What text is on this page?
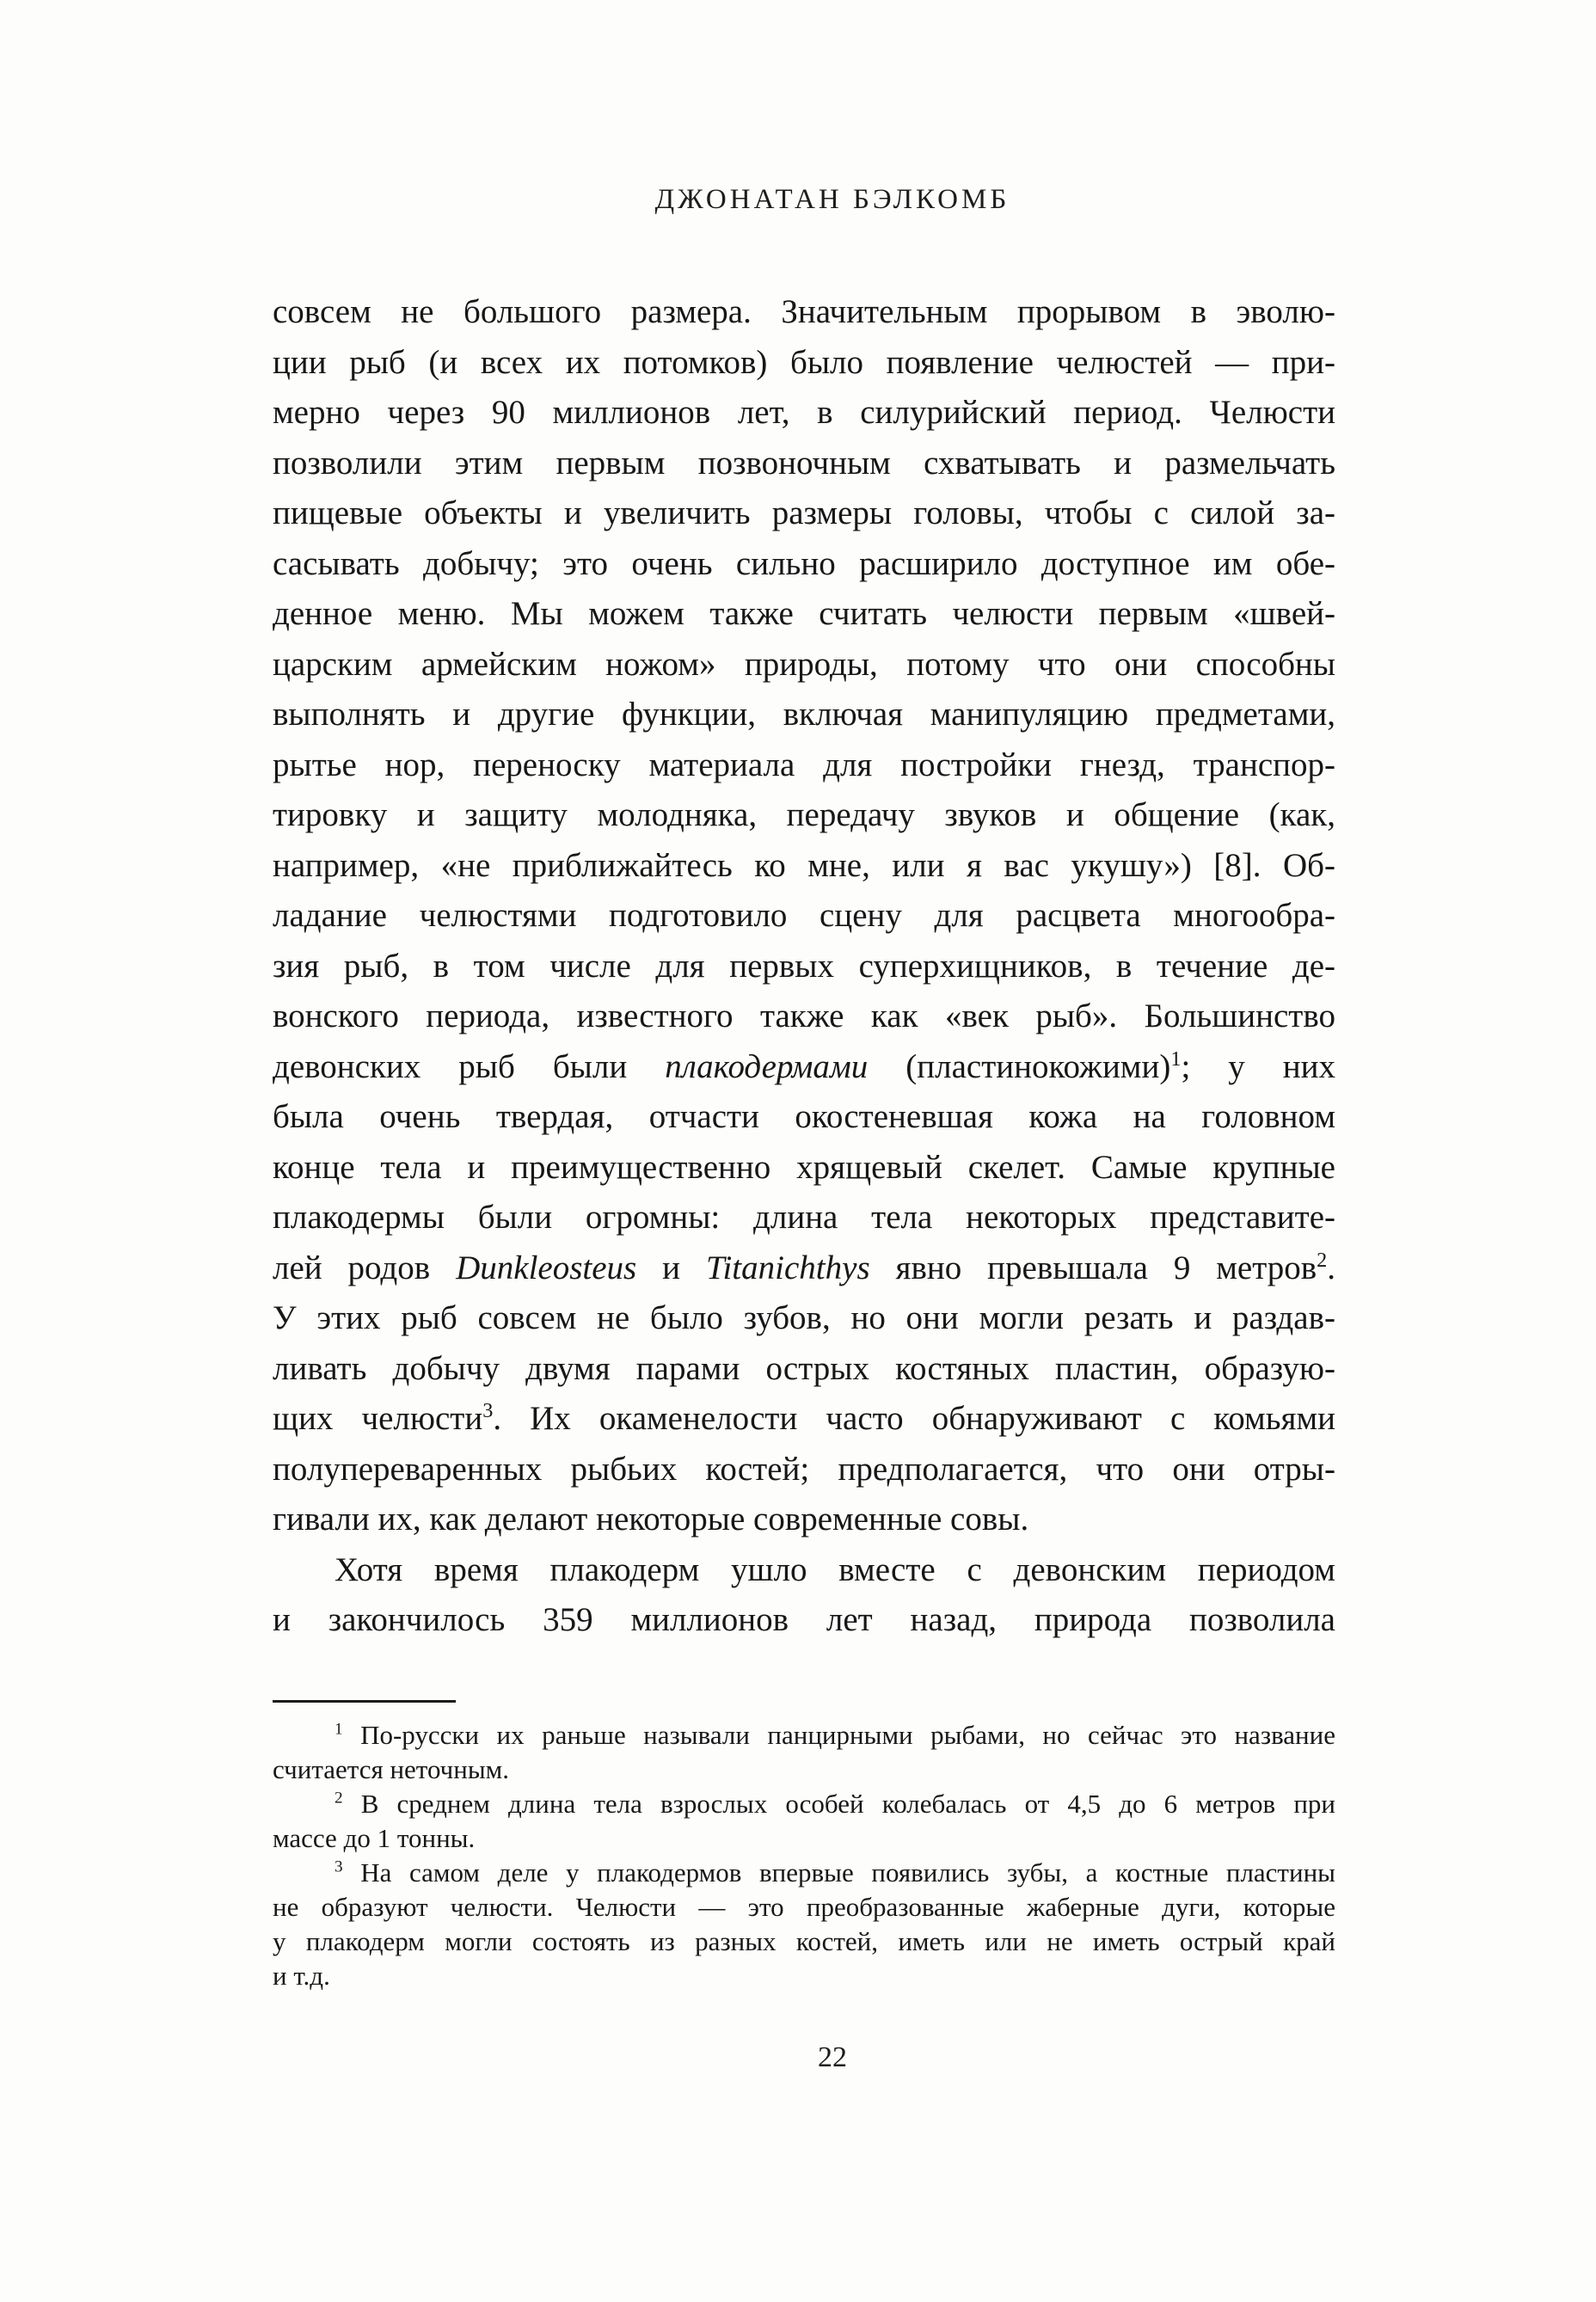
ДЖОНАТАН БЭЛКОМБ
совсем не большого размера. Значительным прорывом в эволю-
ции рыб (и всех их потомков) было появление челюстей — при-
мерно через 90 миллионов лет, в силурийский период. Челюсти
позволили этим первым позвоночным схватывать и размельчать
пищевые объекты и увеличить размеры головы, чтобы с силой за-
сасывать добычу; это очень сильно расширило доступное им обе-
денное меню. Мы можем также считать челюсти первым «швей-
царским армейским ножом» природы, потому что они способны
выполнять и другие функции, включая манипуляцию предметами,
рытье нор, переноску материала для постройки гнезд, транспор-
тировку и защиту молодняка, передачу звуков и общение (как,
например, «не приближайтесь ко мне, или я вас укушу») [8]. Об-
ладание челюстями подготовило сцену для расцвета многообра-
зия рыб, в том числе для первых суперхищников, в течение де-
вонского периода, известного также как «век рыб». Большинство
девонских рыб были плакодермами (пластинокожими)$^1$; у них
была очень твердая, отчасти окостеневшая кожа на головном
конце тела и преимущественно хрящевый скелет. Самые крупные
плакодермы были огромны: длина тела некоторых представите-
лей родов Dunkleosteus и Titanichthys явно превышала 9 метров$^2$.
У этих рыб совсем не было зубов, но они могли резать и раздав-
ливать добычу двумя парами острых костяных пластин, образую-
щих челюсти$^3$. Их окаменелости часто обнаруживают с комьями
полупереваренных рыбьих костей; предполагается, что они отры-
гивали их, как делают некоторые современные совы.
Хотя время плакодерм ушло вместе с девонским периодом
и закончилось 359 миллионов лет назад, природа позволила
$^1$ По-русски их раньше называли панцирными рыбами, но сейчас это название
считается неточным.
$^2$ В среднем длина тела взрослых особей колебалась от 4,5 до 6 метров при
массе до 1 тонны.
$^3$ На самом деле у плакодермов впервые появились зубы, а костные пластины
не образуют челюсти. Челюсти — это преобразованные жаберные дуги, которые
у плакодерм могли состоять из разных костей, иметь или не иметь острый край
и т.д.
22
